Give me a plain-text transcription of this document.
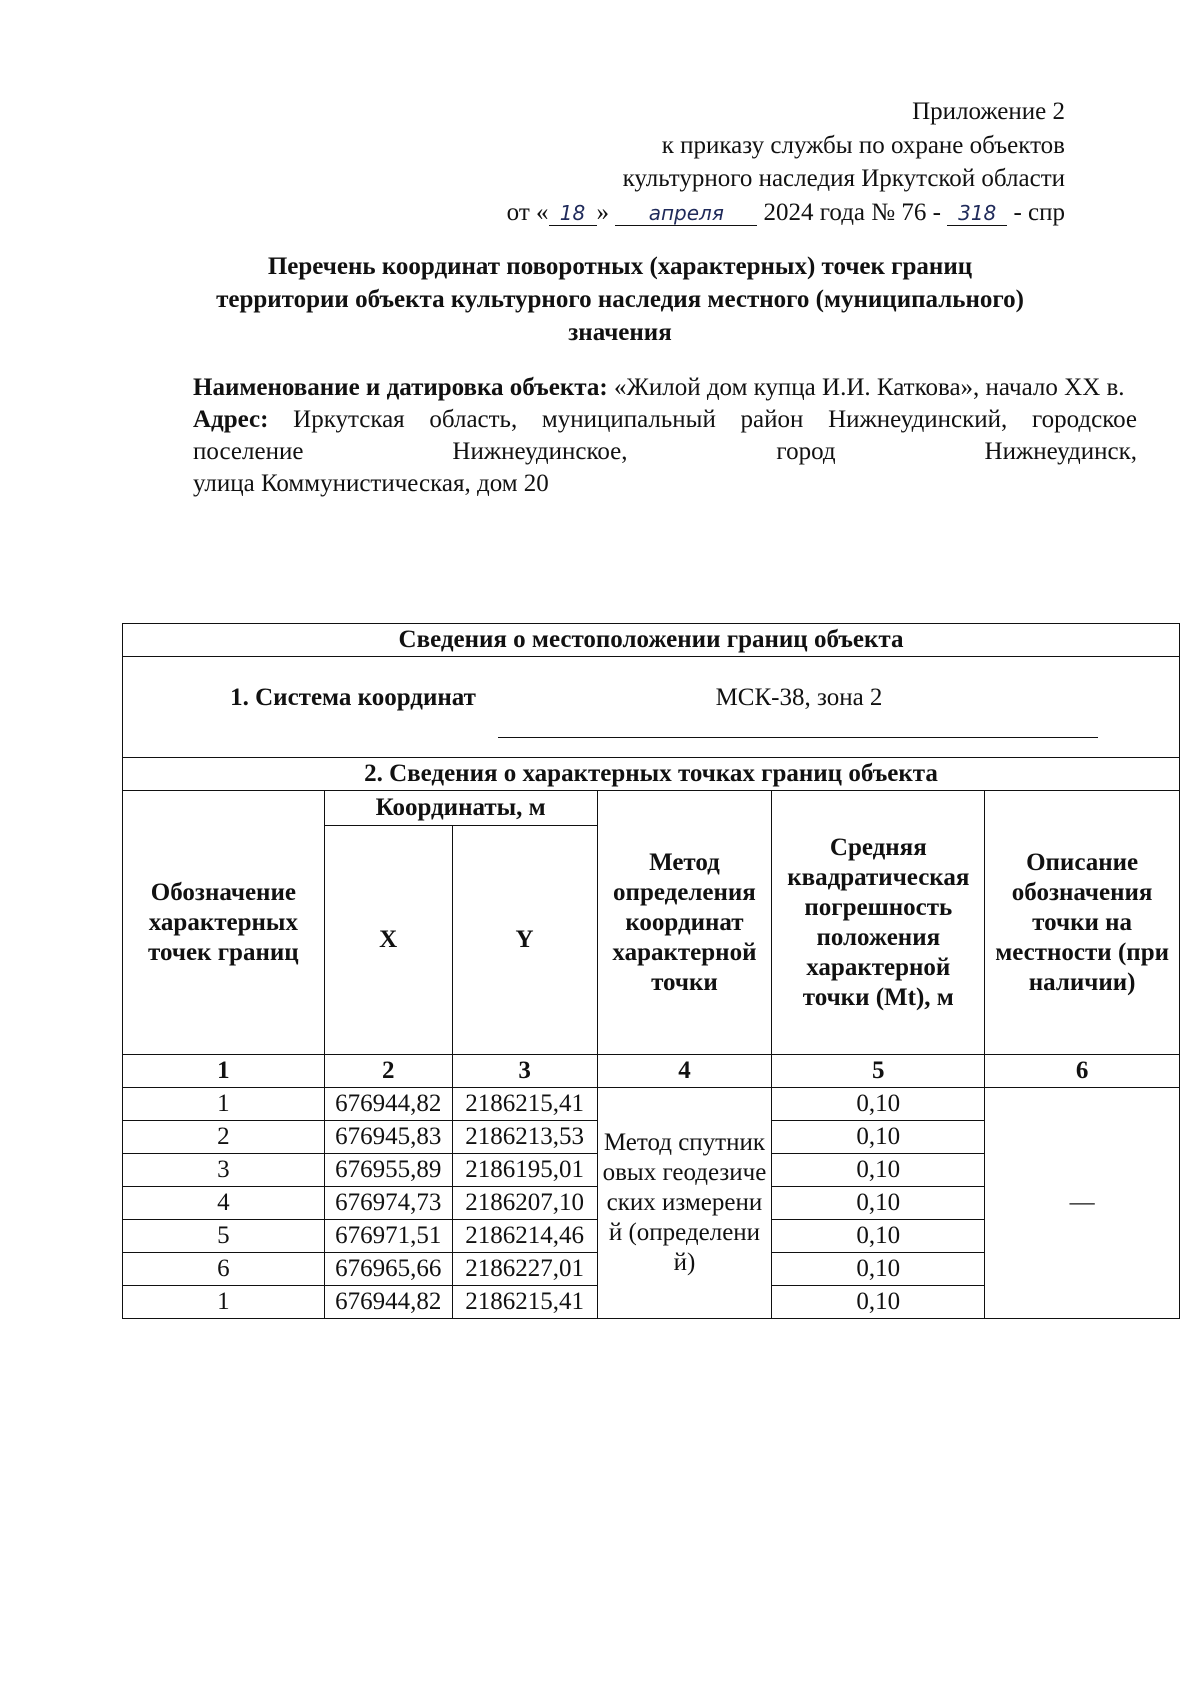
Приложение 2
к приказу службы по охране объектов
культурного наследия Иркутской области
от « 18 » апреля 2024 года № 76 - 318 - спр
Перечень координат поворотных (характерных) точек границ
территории объекта культурного наследия местного (муниципального)
значения

Наименование и датировка объекта: «Жилой дом купца И.И. Каткова», начало XX в.

Адрес: Иркутская область, муниципальный район Нижнеудинский, городское поселение Нижнеудинское, город Нижнеудинск,

улица Коммунистическая, дом 20

Сведения о местоположении границ объекта					
1. Система координат МСК-38, зона 2					

2. Сведения о характерных точках границ объекта					
Обозначение характерных точек границ	Координаты, м		Метод определения координат характерной точки	Средняя квадратическая погрешность положения характерной точки (Mt), м	Описание обозначения точки на местности (при наличии)
	X	Y			
1	2	3	4	5	6
1	676944,82	2186215,41	Метод спутниковых геодезических измерений (определений)	0,10	—
2	676945,83	2186213,53		0,10	
3	676955,89	2186195,01		0,10	
4	676974,73	2186207,10		0,10	
5	676971,51	2186214,46		0,10	
6	676965,66	2186227,01		0,10	
1	676944,82	2186215,41		0,10	
